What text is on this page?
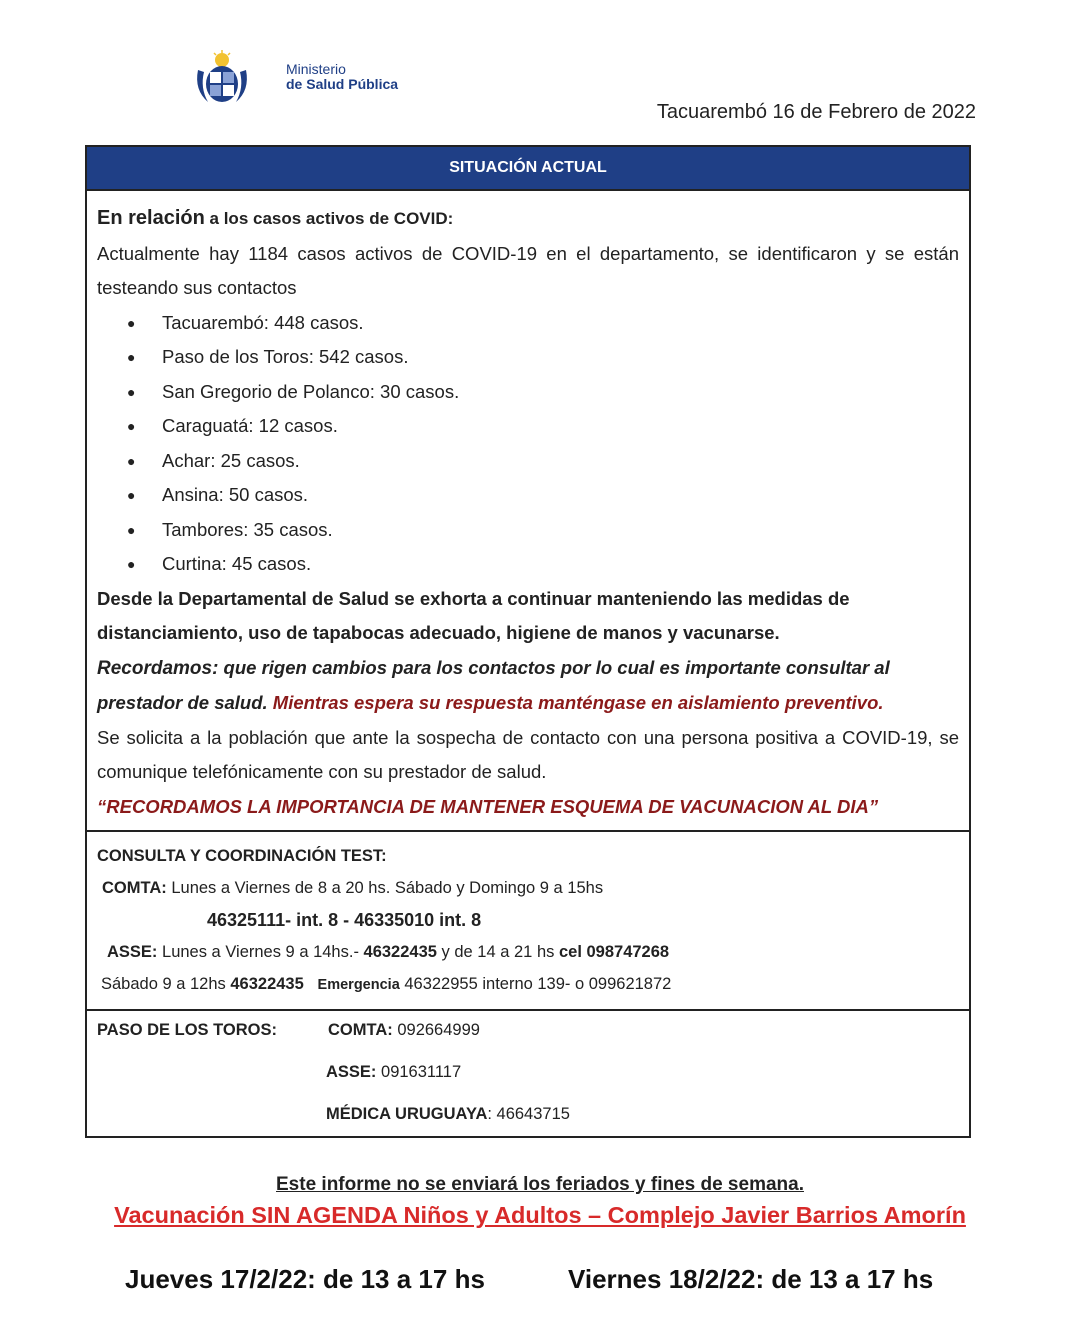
Ministerio
de Salud Pública
Tacuarembó 16 de Febrero de 2022
SITUACIÓN ACTUAL
En relación a los casos activos de COVID:
Actualmente hay 1184 casos activos de COVID-19 en el departamento, se identificaron y se están testeando sus contactos
● Tacuarembó: 448 casos.
● Paso de los Toros: 542 casos.
● San Gregorio de Polanco: 30 casos.
● Caraguatá: 12 casos.
● Achar: 25 casos.
● Ansina: 50 casos.
● Tambores: 35 casos.
● Curtina: 45 casos.
Desde la Departamental de Salud se exhorta a continuar manteniendo las medidas de distanciamiento, uso de tapabocas adecuado, higiene de manos y vacunarse.
Recordamos: que rigen cambios para los contactos por lo cual es importante consultar al prestador de salud. Mientras espera su respuesta manténgase en aislamiento preventivo.
Se solicita a la población que ante la sospecha de contacto con una persona positiva a COVID-19, se comunique telefónicamente con su prestador de salud.
“RECORDAMOS LA IMPORTANCIA DE MANTENER ESQUEMA DE VACUNACION AL DIA”
CONSULTA Y COORDINACIÓN TEST:
COMTA: Lunes a Viernes de 8 a 20 hs. Sábado y Domingo 9 a 15hs
46325111- int. 8 - 46335010 int. 8
ASSE: Lunes a Viernes 9 a 14hs.- 46322435 y de 14 a 21 hs cel 098747268
Sábado 9 a 12hs 46322435 Emergencia 46322955 interno 139- o 099621872
PASO DE LOS TOROS:	COMTA: 092664999
ASSE: 091631117
MÉDICA URUGUAYA: 46643715
Este informe no se enviará los feriados y fines de semana.
Vacunación SIN AGENDA Niños y Adultos – Complejo Javier Barrios Amorín
Jueves 17/2/22: de 13 a 17 hs	Viernes 18/2/22: de 13 a 17 hs
